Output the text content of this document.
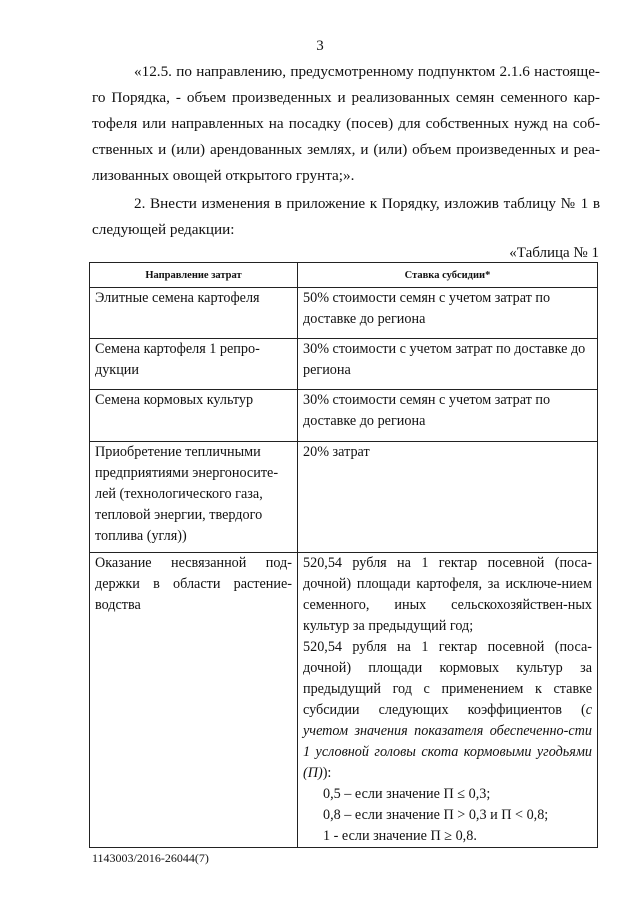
3

«12.5. по направлению, предусмотренному подпунктом 2.1.6 настояще-го Порядка, - объем произведенных и реализованных семян семенного кар-тофеля или направленных на посадку (посев) для собственных нужд на соб-ственных и (или) арендованных землях, и (или) объем произведенных и реа-лизованных овощей открытого грунта;».

2. Внести изменения в приложение к Порядку, изложив таблицу № 1 в следующей редакции:

«Таблица № 1
Направление затрат	Ставка субсидии*
Элитные семена картофеля	50% стоимости семян с учетом затрат по доставке до региона
Семена картофеля 1 репро-дукции	30% стоимости с учетом затрат по доставке до региона
Семена кормовых культур	30% стоимости семян с учетом затрат по доставке до региона
Приобретение тепличными предприятиями энергоносите-лей (технологического газа, тепловой энергии, твердого топлива (угля))	20% затрат
Оказание несвязанной под-держки в области растение-водства	520,54 рубля на 1 гектар посевной (поса-дочной) площади картофеля, за исключе-нием семенного, иных сельскохозяйствен-ных культур за предыдущий год;
520,54 рубля на 1 гектар посевной (поса-дочной) площади кормовых культур за предыдущий год с применением к ставке субсидии следующих коэффициентов (с учетом значения показателя обеспеченно-сти 1 условной головы скота кормовыми угодьями (П)):
0,5 – если значение П ≤ 0,3;
0,8 – если значение П > 0,3 и П < 0,8;
1 - если значение П ≥ 0,8.
1143003/2016-26044(7)
